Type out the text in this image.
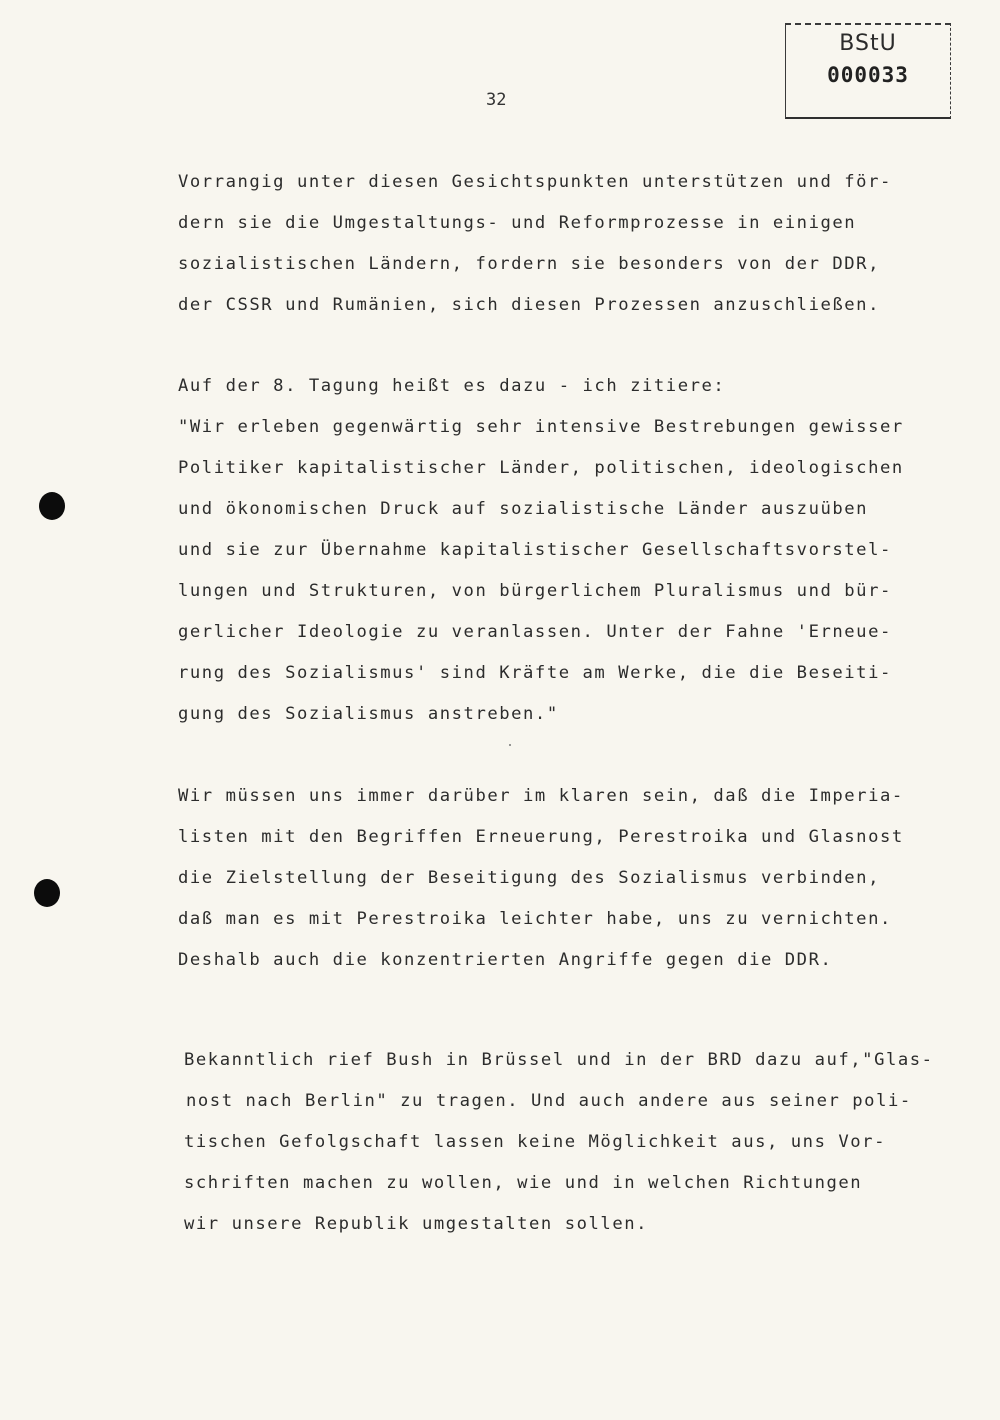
BStU
000033
32
Vorrangig unter diesen Gesichtspunkten unterstützen und för-
dern sie die Umgestaltungs- und Reformprozesse in einigen
sozialistischen Ländern, fordern sie besonders von der DDR,
der CSSR und Rumänien, sich diesen Prozessen anzuschließen.
Auf der 8. Tagung heißt es dazu - ich zitiere:
"Wir erleben gegenwärtig sehr intensive Bestrebungen gewisser
Politiker kapitalistischer Länder, politischen, ideologischen
und ökonomischen Druck auf sozialistische Länder auszuüben
und sie zur Übernahme kapitalistischer Gesellschaftsvorstel-
lungen und Strukturen, von bürgerlichem Pluralismus und bür-
gerlicher Ideologie zu veranlassen. Unter der Fahne 'Erneue-
rung des Sozialismus' sind Kräfte am Werke, die die Beseiti-
gung des Sozialismus anstreben."
Wir müssen uns immer darüber im klaren sein, daß die Imperia-
listen mit den Begriffen Erneuerung, Perestroika und Glasnost
die Zielstellung der Beseitigung des Sozialismus verbinden,
daß man es mit Perestroika leichter habe, uns zu vernichten.
Deshalb auch die konzentrierten Angriffe gegen die DDR.
Bekanntlich rief Bush in Brüssel und in der BRD dazu auf,"Glas-
nost nach Berlin" zu tragen. Und auch andere aus seiner poli-
tischen Gefolgschaft lassen keine Möglichkeit aus, uns Vor-
schriften machen zu wollen, wie und in welchen Richtungen
wir unsere Republik umgestalten sollen.
